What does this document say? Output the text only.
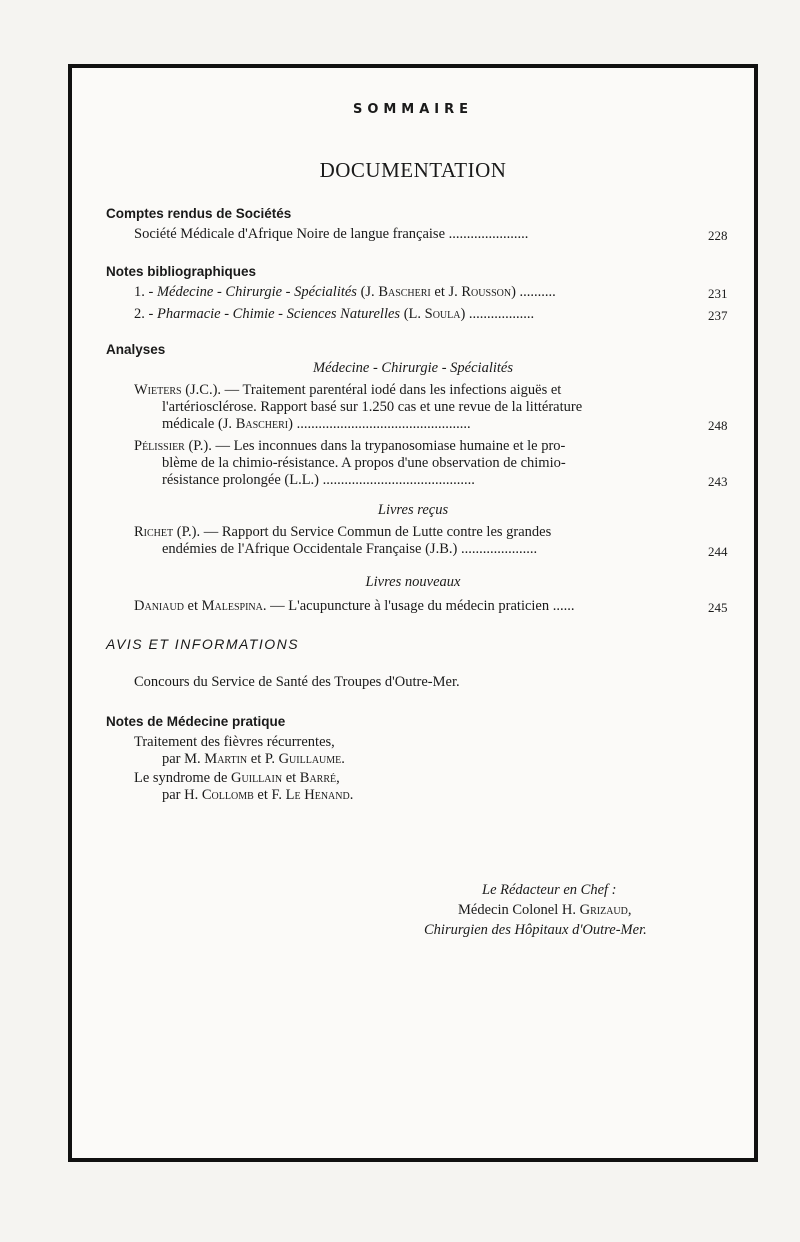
SOMMAIRE
DOCUMENTATION
Comptes rendus de Sociétés
Société Médicale d'Afrique Noire de langue française ......................	228
Notes bibliographiques
1. - Médecine - Chirurgie - Spécialités (J. Bascheri et J. Rousson) ..........	231
2. - Pharmacie - Chimie - Sciences Naturelles (L. Soula) ..................	237
Analyses
Médecine - Chirurgie - Spécialités
Wieters (J.C.). — Traitement parentéral iodé dans les infections aiguës et
l'artériosclérose. Rapport basé sur 1.250 cas et une revue de la littérature
médicale (J. Bascheri) ................................................	248
Pélissier (P.). — Les inconnues dans la trypanosomiase humaine et le pro-
blème de la chimio-résistance. A propos d'une observation de chimio-
résistance prolongée (L.L.) ..........................................	243
Livres reçus
Richet (P.). — Rapport du Service Commun de Lutte contre les grandes
endémies de l'Afrique Occidentale Française (J.B.) .....................	244
Livres nouveaux
Daniaud et Malespina. — L'acupuncture à l'usage du médecin praticien ......	245
AVIS ET INFORMATIONS
Concours du Service de Santé des Troupes d'Outre-Mer.
Notes de Médecine pratique
Traitement des fièvres récurrentes,
par M. Martin et P. Guillaume.
Le syndrome de Guillain et Barré,
par H. Collomb et F. Le Henand.
Le Rédacteur en Chef :
Médecin Colonel H. Grizaud,
Chirurgien des Hôpitaux d'Outre-Mer.
